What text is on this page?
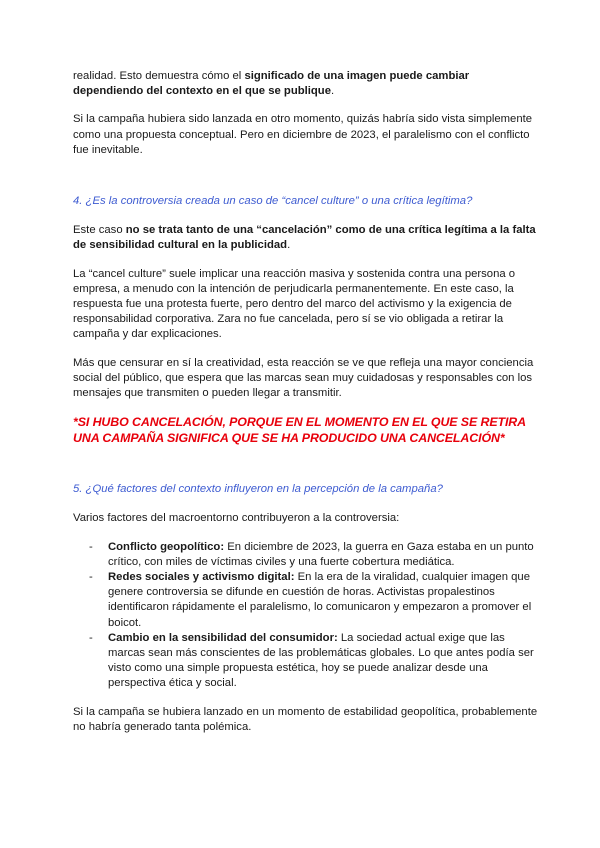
realidad. Esto demuestra cómo el significado de una imagen puede cambiar dependiendo del contexto en el que se publique.

Si la campaña hubiera sido lanzada en otro momento, quizás habría sido vista simplemente como una propuesta conceptual. Pero en diciembre de 2023, el paralelismo con el conflicto fue inevitable.

4. ¿Es la controversia creada un caso de “cancel culture” o una crítica legítima?

Este caso no se trata tanto de una “cancelación” como de una crítica legítima a la falta de sensibilidad cultural en la publicidad.

La “cancel culture” suele implicar una reacción masiva y sostenida contra una persona o empresa, a menudo con la intención de perjudicarla permanentemente. En este caso, la respuesta fue una protesta fuerte, pero dentro del marco del activismo y la exigencia de responsabilidad corporativa. Zara no fue cancelada, pero sí se vio obligada a retirar la campaña y dar explicaciones.

Más que censurar en sí la creatividad, esta reacción se ve que refleja una mayor conciencia social del público, que espera que las marcas sean muy cuidadosas y responsables con los mensajes que transmiten o pueden llegar a transmitir.

*SI HUBO CANCELACIÓN, PORQUE EN EL MOMENTO EN EL QUE SE RETIRA UNA CAMPAÑA SIGNIFICA QUE SE HA PRODUCIDO UNA CANCELACIÓN*

5. ¿Qué factores del contexto influyeron en la percepción de la campaña?

Varios factores del macroentorno contribuyeron a la controversia:

- Conflicto geopolítico: En diciembre de 2023, la guerra en Gaza estaba en un punto crítico, con miles de víctimas civiles y una fuerte cobertura mediática.
- Redes sociales y activismo digital: En la era de la viralidad, cualquier imagen que genere controversia se difunde en cuestión de horas. Activistas propalestinos identificaron rápidamente el paralelismo, lo comunicaron y empezaron a promover el boicot.
- Cambio en la sensibilidad del consumidor: La sociedad actual exige que las marcas sean más conscientes de las problemáticas globales. Lo que antes podía ser visto como una simple propuesta estética, hoy se puede analizar desde una perspectiva ética y social.

Si la campaña se hubiera lanzado en un momento de estabilidad geopolítica, probablemente no habría generado tanta polémica.
